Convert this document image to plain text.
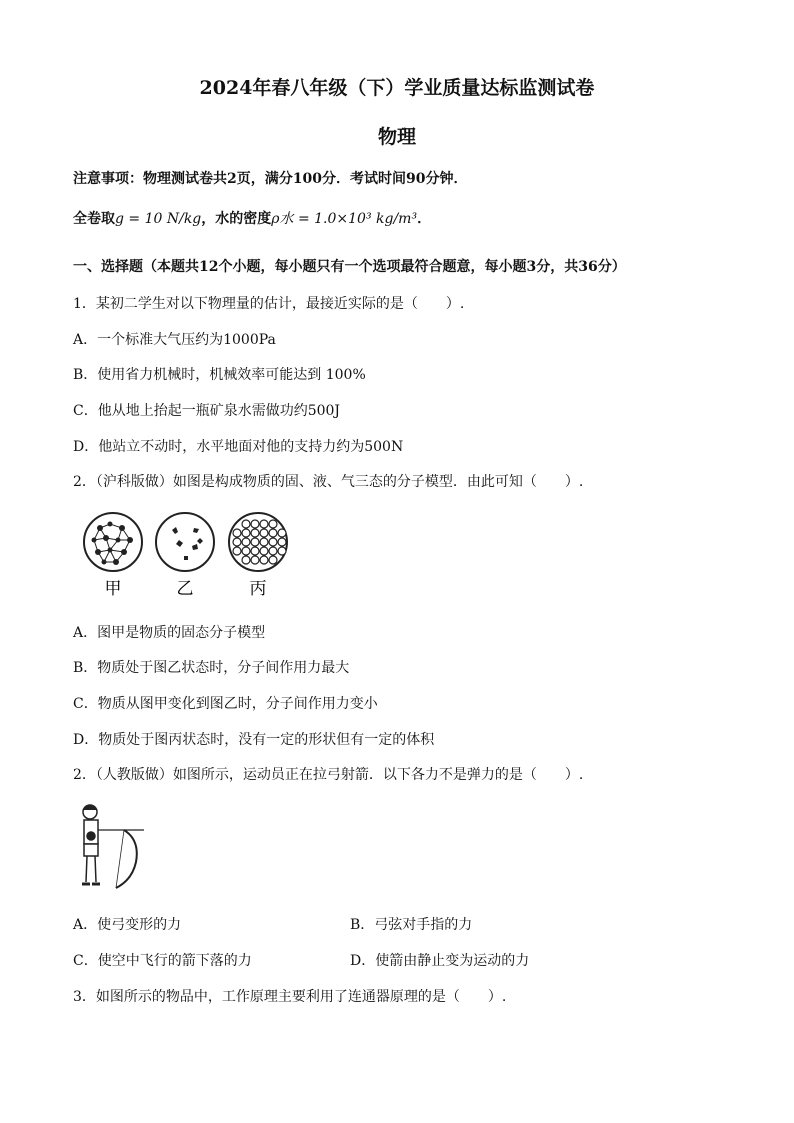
2024年春八年级（下）学业质量达标监测试卷
物理
注意事项：物理测试卷共2页，满分100分．考试时间90分钟．
全卷取g = 10 N/kg，水的密度ρ水 = 1.0×10³ kg/m³．
一、选择题（本题共12个小题，每小题只有一个选项最符合题意，每小题3分，共36分）
1．某初二学生对以下物理量的估计，最接近实际的是（　　）.
A．一个标准大气压约为1000Pa
B．使用省力机械时，机械效率可能达到 100%
C．他从地上抬起一瓶矿泉水需做功约500J
D．他站立不动时，水平地面对他的支持力约为500N
2．（沪科版做）如图是构成物质的固、液、气三态的分子模型．由此可知（　　）.
甲	乙	丙
A．图甲是物质的固态分子模型
B．物质处于图乙状态时，分子间作用力最大
C．物质从图甲变化到图乙时，分子间作用力变小
D．物质处于图丙状态时，没有一定的形状但有一定的体积
2．（人教版做）如图所示，运动员正在拉弓射箭．以下各力不是弹力的是（　　）.
A．使弓变形的力	B．弓弦对手指的力
C．使空中飞行的箭下落的力	D．使箭由静止变为运动的力
3．如图所示的物品中，工作原理主要利用了连通器原理的是（　　）.
